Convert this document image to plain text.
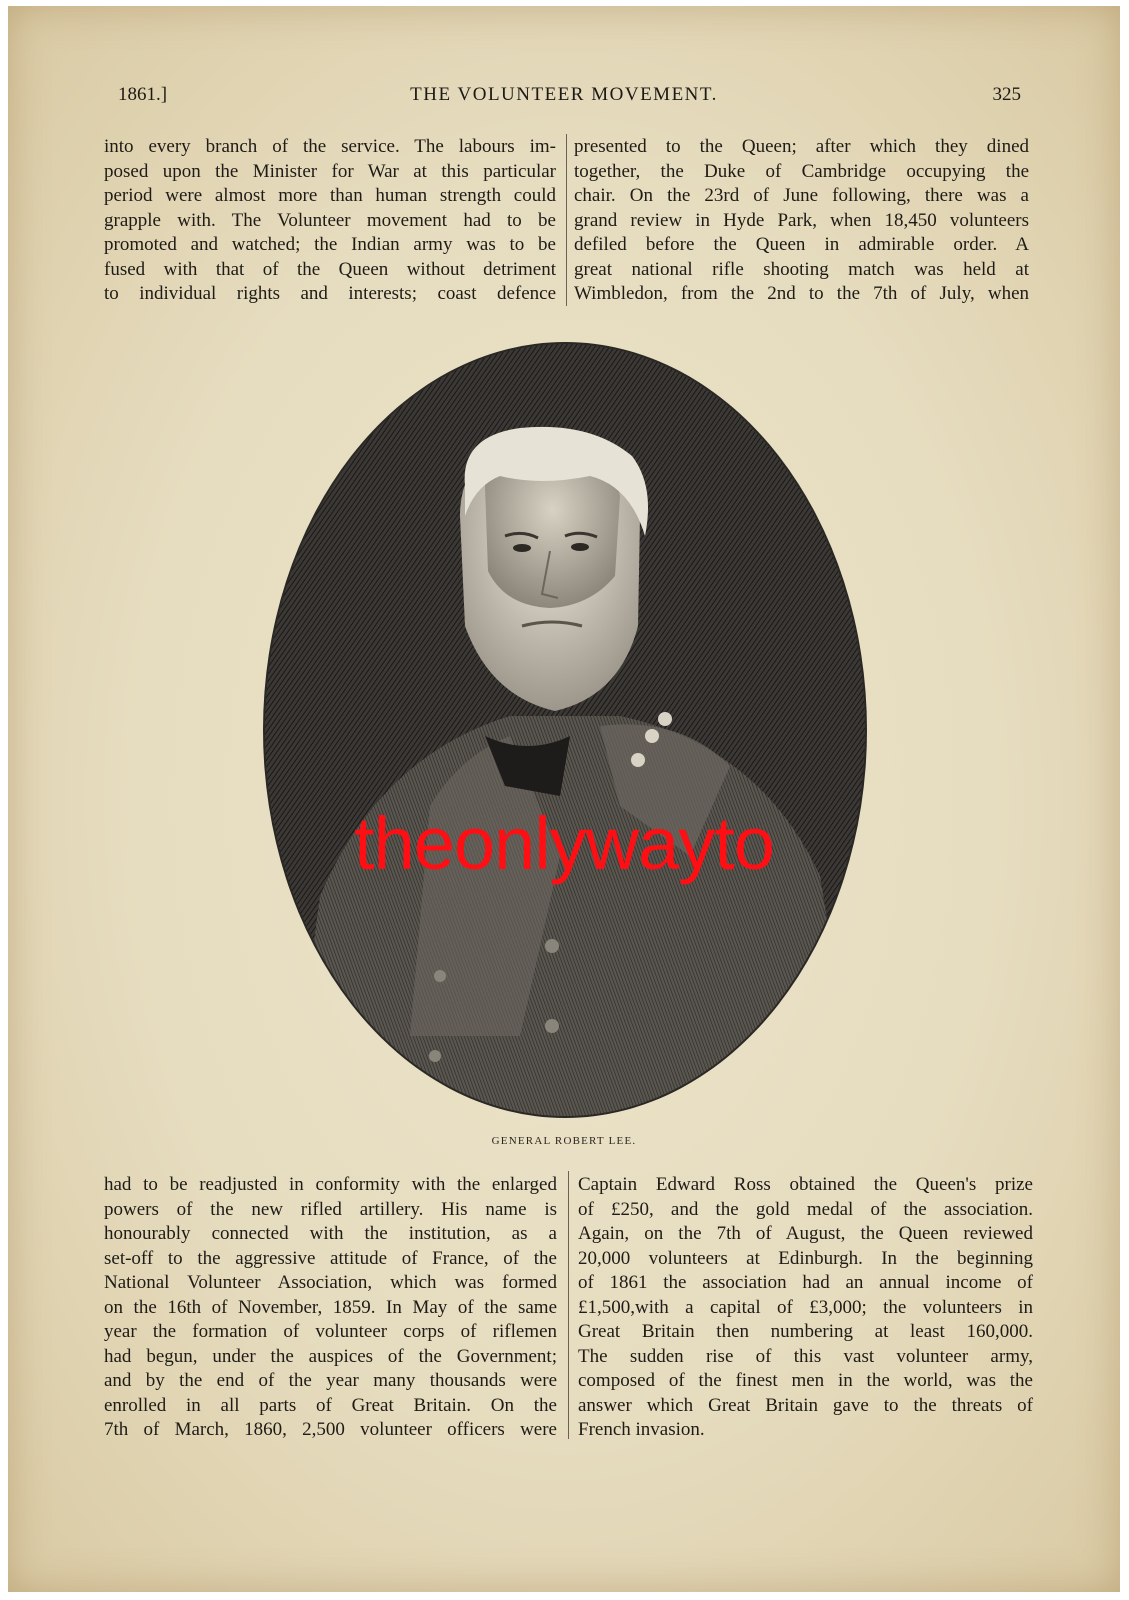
1861.]	THE VOLUNTEER MOVEMENT.	325
into every branch of the service. The labours im-
posed upon the Minister for War at this particular
period were almost more than human strength could
grapple with. The Volunteer movement had to be
promoted and watched; the Indian army was to be
fused with that of the Queen without detriment
to individual rights and interests; coast defence
presented to the Queen; after which they dined
together, the Duke of Cambridge occupying the
chair. On the 23rd of June following, there was a
grand review in Hyde Park, when 18,450 volunteers
defiled before the Queen in admirable order. A
great national rifle shooting match was held at
Wimbledon, from the 2nd to the 7th of July, when
theonlywayto
GENERAL ROBERT LEE.
had to be readjusted in conformity with the enlarged
powers of the new rifled artillery. His name is
honourably connected with the institution, as a
set-off to the aggressive attitude of France, of the
National Volunteer Association, which was formed
on the 16th of November, 1859. In May of the same
year the formation of volunteer corps of riflemen
had begun, under the auspices of the Government;
and by the end of the year many thousands were
enrolled in all parts of Great Britain. On the
7th of March, 1860, 2,500 volunteer officers were
Captain Edward Ross obtained the Queen's prize
of £250, and the gold medal of the association.
Again, on the 7th of August, the Queen reviewed
20,000 volunteers at Edinburgh. In the beginning
of 1861 the association had an annual income of
£1,500,with a capital of £3,000; the volunteers in
Great Britain then numbering at least 160,000.
The sudden rise of this vast volunteer army,
composed of the finest men in the world, was the
answer which Great Britain gave to the threats of
French invasion.
